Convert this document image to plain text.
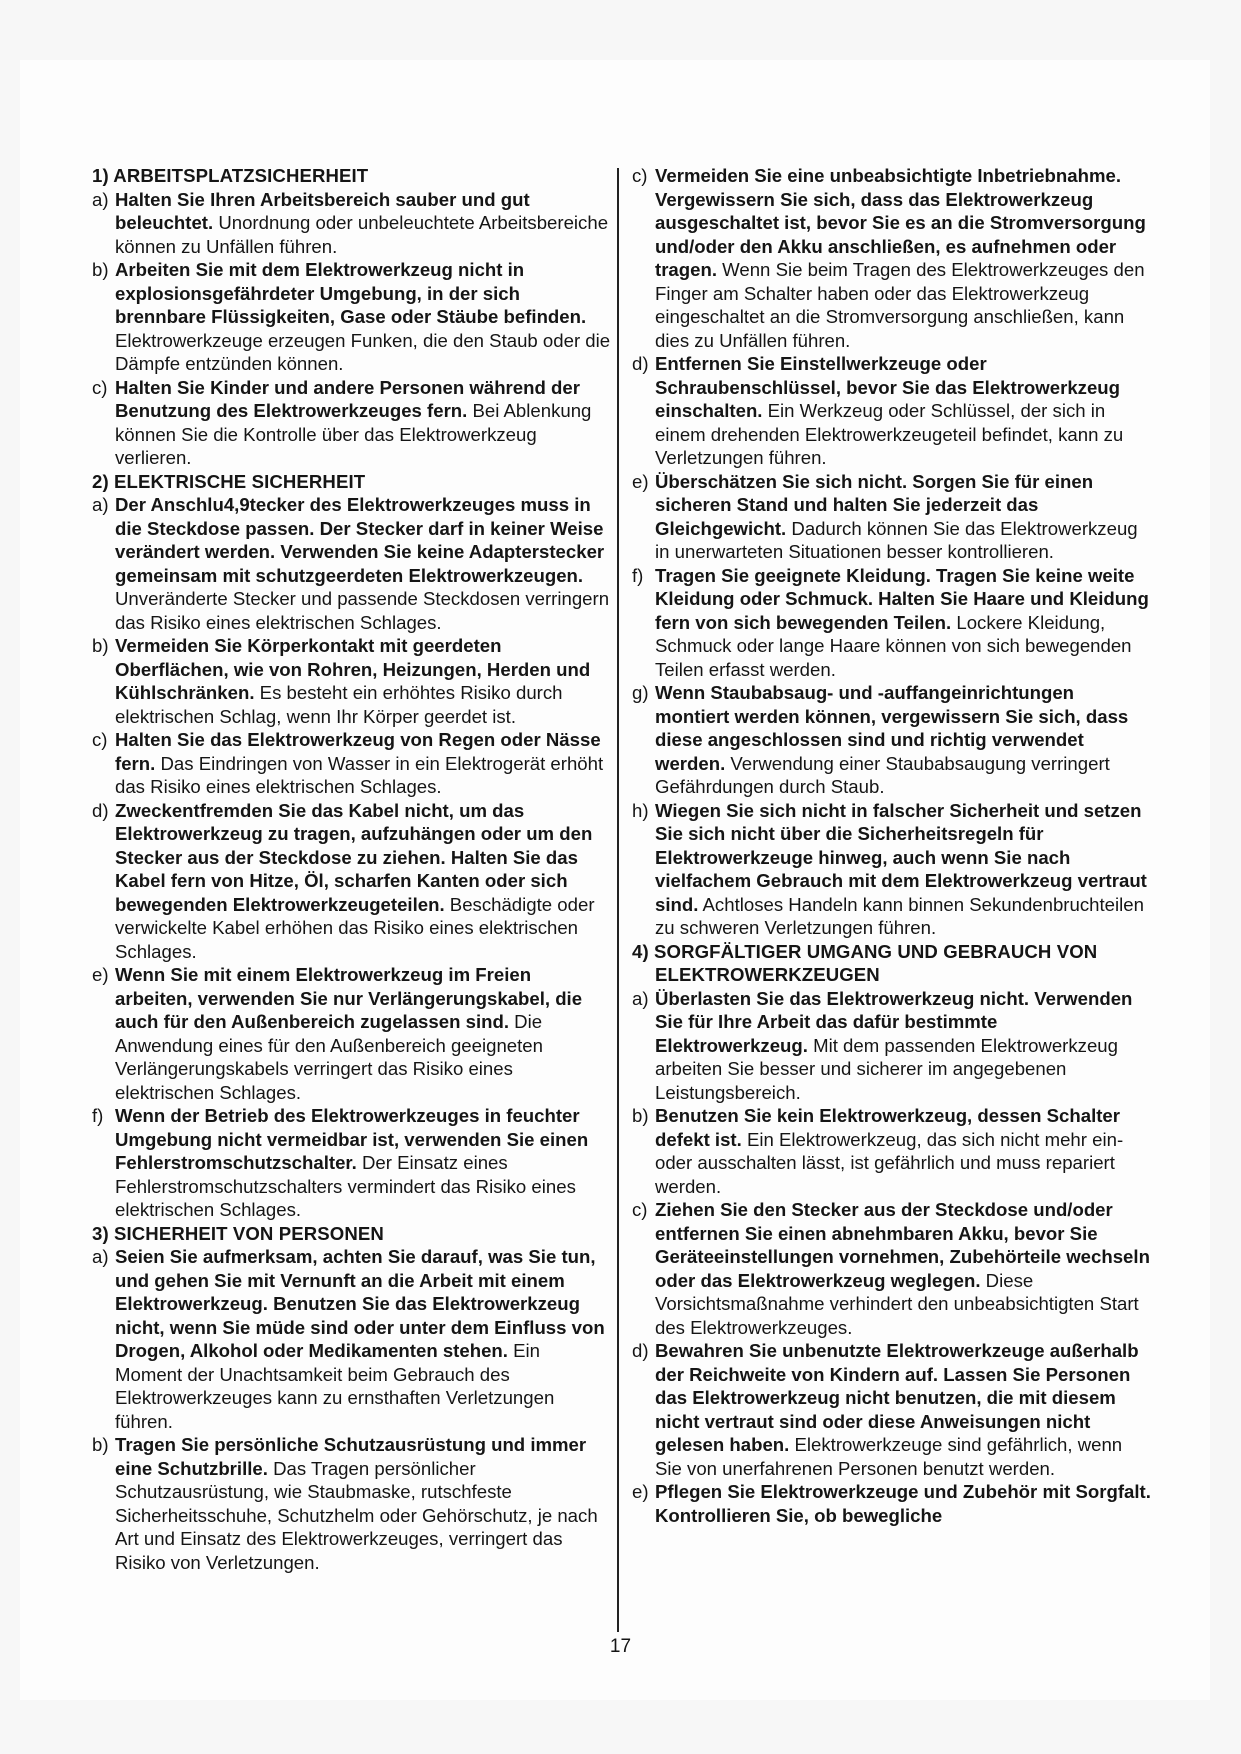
1) ARBEITSPLATZSICHERHEIT

a) Halten Sie Ihren Arbeitsbereich sauber und gut beleuchtet. Unordnung oder unbeleuchtete Arbeitsbereiche können zu Unfällen führen.

b) Arbeiten Sie mit dem Elektrowerkzeug nicht in explosionsgefährdeter Umgebung, in der sich brennbare Flüssigkeiten, Gase oder Stäube befinden. Elektrowerkzeuge erzeugen Funken, die den Staub oder die Dämpfe entzünden können.

c) Halten Sie Kinder und andere Personen während der Benutzung des Elektrowerkzeuges fern. Bei Ablenkung können Sie die Kontrolle über das Elektrowerkzeug verlieren.

2) ELEKTRISCHE SICHERHEIT

a) Der Anschlu4,9tecker des Elektrowerkzeuges muss in die Steckdose passen. Der Stecker darf in keiner Weise verändert werden. Verwenden Sie keine Adapterstecker gemeinsam mit schutzgeerdeten Elektrowerkzeugen. Unveränderte Stecker und passende Steckdosen verringern das Risiko eines elektrischen Schlages.

b) Vermeiden Sie Körperkontakt mit geerdeten Oberflächen, wie von Rohren, Heizungen, Herden und Kühlschränken. Es besteht ein erhöhtes Risiko durch elektrischen Schlag, wenn Ihr Körper geerdet ist.

c) Halten Sie das Elektrowerkzeug von Regen oder Nässe fern. Das Eindringen von Wasser in ein Elektrogerät erhöht das Risiko eines elektrischen Schlages.

d) Zweckentfremden Sie das Kabel nicht, um das Elektrowerkzeug zu tragen, aufzuhängen oder um den Stecker aus der Steckdose zu ziehen. Halten Sie das Kabel fern von Hitze, Öl, scharfen Kanten oder sich bewegenden Elektrowerkzeugeteilen. Beschädigte oder verwickelte Kabel erhöhen das Risiko eines elektrischen Schlages.

e) Wenn Sie mit einem Elektrowerkzeug im Freien arbeiten, verwenden Sie nur Verlängerungskabel, die auch für den Außenbereich zugelassen sind. Die Anwendung eines für den Außenbereich geeigneten Verlängerungskabels verringert das Risiko eines elektrischen Schlages.

f) Wenn der Betrieb des Elektrowerkzeuges in feuchter Umgebung nicht vermeidbar ist, verwenden Sie einen Fehlerstromschutzschalter. Der Einsatz eines Fehlerstromschutzschalters vermindert das Risiko eines elektrischen Schlages.

3) SICHERHEIT VON PERSONEN

a) Seien Sie aufmerksam, achten Sie darauf, was Sie tun, und gehen Sie mit Vernunft an die Arbeit mit einem Elektrowerkzeug. Benutzen Sie das Elektrowerkzeug nicht, wenn Sie müde sind oder unter dem Einfluss von Drogen, Alkohol oder Medikamenten stehen. Ein Moment der Unachtsamkeit beim Gebrauch des Elektrowerkzeuges kann zu ernsthaften Verletzungen führen.

b) Tragen Sie persönliche Schutzausrüstung und immer eine Schutzbrille. Das Tragen persönlicher Schutzausrüstung, wie Staubmaske, rutschfeste Sicherheitsschuhe, Schutzhelm oder Gehörschutz, je nach Art und Einsatz des Elektrowerkzeuges, verringert das Risiko von Verletzungen.

c) Vermeiden Sie eine unbeabsichtigte Inbetriebnahme. Vergewissern Sie sich, dass das Elektrowerkzeug ausgeschaltet ist, bevor Sie es an die Stromversorgung und/oder den Akku anschließen, es aufnehmen oder tragen. Wenn Sie beim Tragen des Elektrowerkzeuges den Finger am Schalter haben oder das Elektrowerkzeug eingeschaltet an die Stromversorgung anschließen, kann dies zu Unfällen führen.

d) Entfernen Sie Einstellwerkzeuge oder Schraubenschlüssel, bevor Sie das Elektrowerkzeug einschalten. Ein Werkzeug oder Schlüssel, der sich in einem drehenden Elektrowerkzeugeteil befindet, kann zu Verletzungen führen.

e) Überschätzen Sie sich nicht. Sorgen Sie für einen sicheren Stand und halten Sie jederzeit das Gleichgewicht. Dadurch können Sie das Elektrowerkzeug in unerwarteten Situationen besser kontrollieren.

f) Tragen Sie geeignete Kleidung. Tragen Sie keine weite Kleidung oder Schmuck. Halten Sie Haare und Kleidung fern von sich bewegenden Teilen. Lockere Kleidung, Schmuck oder lange Haare können von sich bewegenden Teilen erfasst werden.

g) Wenn Staubabsaug- und -auffangeinrichtungen montiert werden können, vergewissern Sie sich, dass diese angeschlossen sind und richtig verwendet werden. Verwendung einer Staubabsaugung verringert Gefährdungen durch Staub.

h) Wiegen Sie sich nicht in falscher Sicherheit und setzen Sie sich nicht über die Sicherheitsregeln für Elektrowerkzeuge hinweg, auch wenn Sie nach vielfachem Gebrauch mit dem Elektrowerkzeug vertraut sind. Achtloses Handeln kann binnen Sekundenbruchteilen zu schweren Verletzungen führen.

4) SORGFÄLTIGER UMGANG UND GEBRAUCH VON
ELEKTROWERKZEUGEN

a) Überlasten Sie das Elektrowerkzeug nicht. Verwenden Sie für Ihre Arbeit das dafür bestimmte Elektrowerkzeug. Mit dem passenden Elektrowerkzeug arbeiten Sie besser und sicherer im angegebenen Leistungsbereich.

b) Benutzen Sie kein Elektrowerkzeug, dessen Schalter defekt ist. Ein Elektrowerkzeug, das sich nicht mehr ein- oder ausschalten lässt, ist gefährlich und muss repariert werden.

c) Ziehen Sie den Stecker aus der Steckdose und/oder entfernen Sie einen abnehmbaren Akku, bevor Sie Geräteeinstellungen vornehmen, Zubehörteile wechseln oder das Elektrowerkzeug weglegen. Diese Vorsichtsmaßnahme verhindert den unbeabsichtigten Start des Elektrowerkzeuges.

d) Bewahren Sie unbenutzte Elektrowerkzeuge außerhalb der Reichweite von Kindern auf. Lassen Sie Personen das Elektrowerkzeug nicht benutzen, die mit diesem nicht vertraut sind oder diese Anweisungen nicht gelesen haben. Elektrowerkzeuge sind gefährlich, wenn Sie von unerfahrenen Personen benutzt werden.

e) Pflegen Sie Elektrowerkzeuge und Zubehör mit Sorgfalt. Kontrollieren Sie, ob bewegliche

17
